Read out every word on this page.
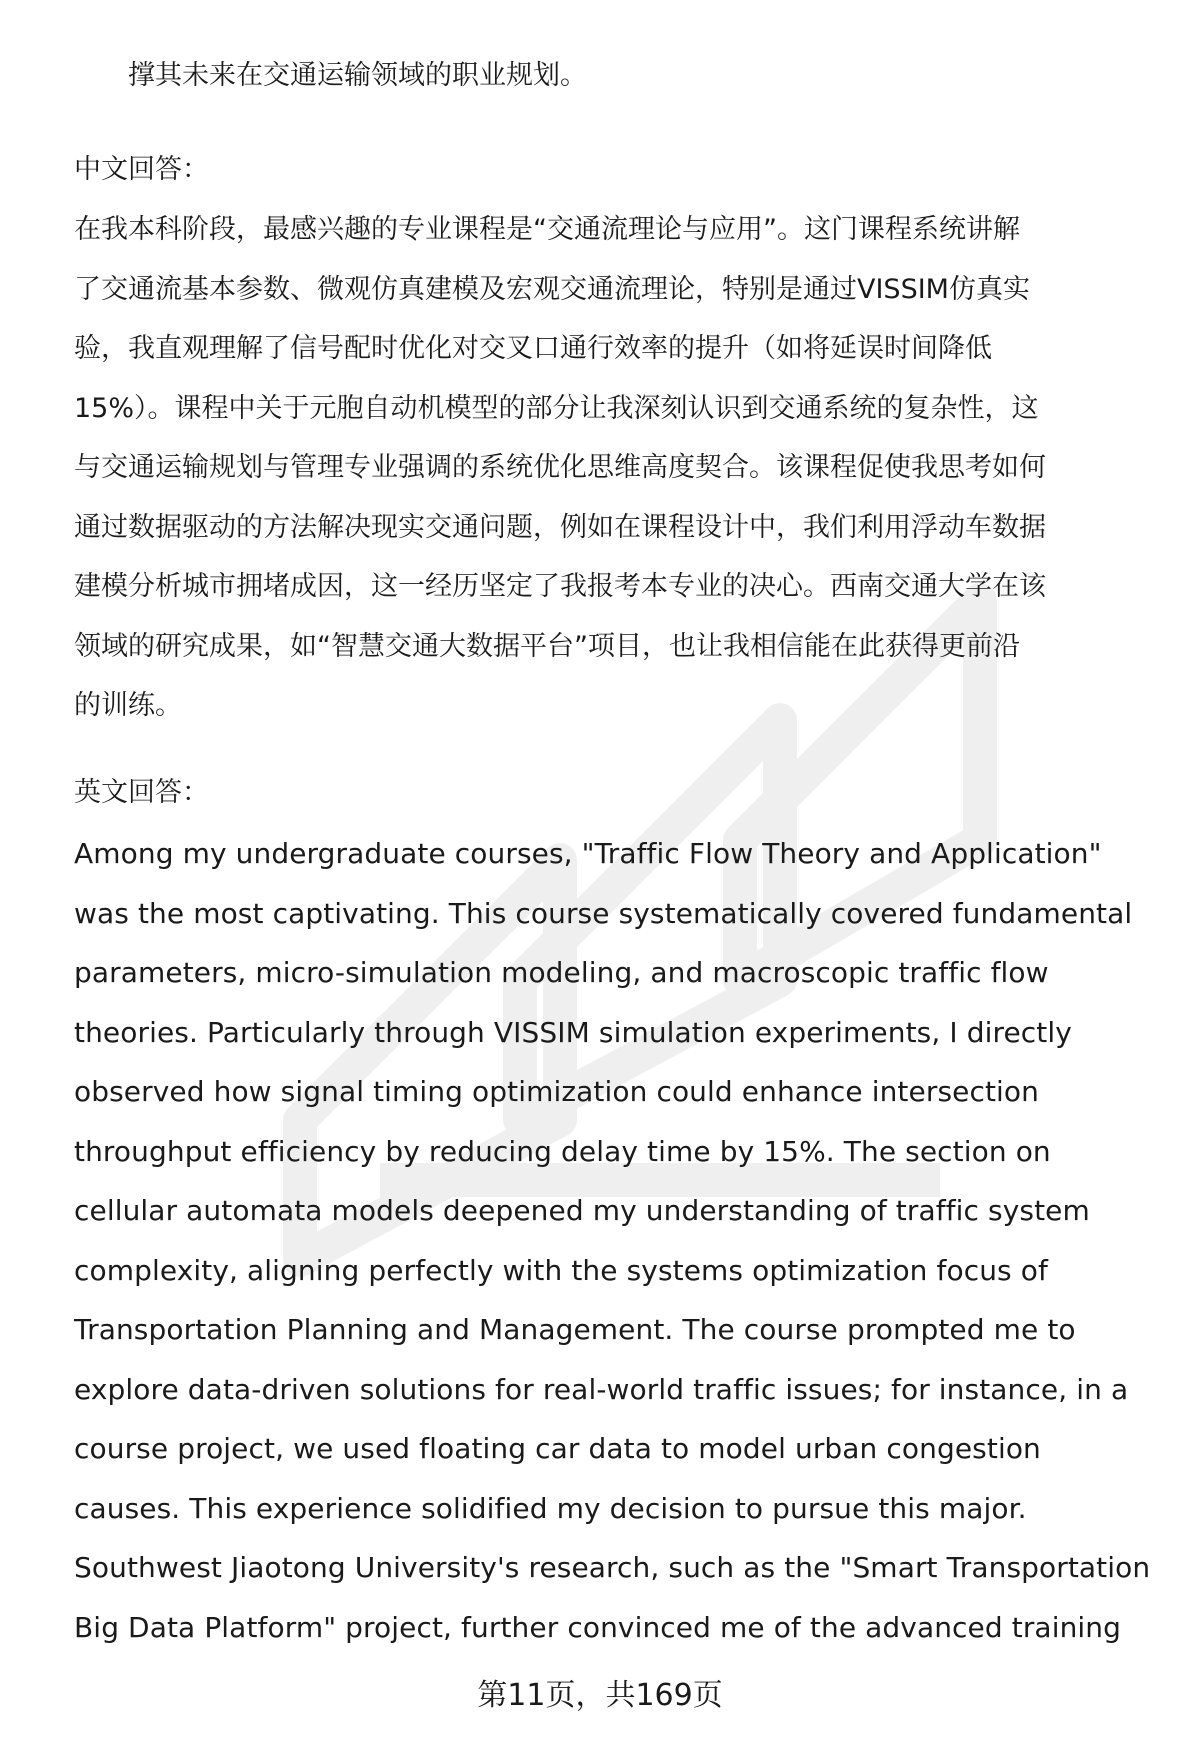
撑其未来在交通运输领域的职业规划。
中文回答：
在我本科阶段，最感兴趣的专业课程是“交通流理论与应用”。这门课程系统讲解
了交通流基本参数、微观仿真建模及宏观交通流理论，特别是通过VISSIM仿真实
验，我直观理解了信号配时优化对交叉口通行效率的提升（如将延误时间降低
15%）。课程中关于元胞自动机模型的部分让我深刻认识到交通系统的复杂性，这
与交通运输规划与管理专业强调的系统优化思维高度契合。该课程促使我思考如何
通过数据驱动的方法解决现实交通问题，例如在课程设计中，我们利用浮动车数据
建模分析城市拥堵成因，这一经历坚定了我报考本专业的决心。西南交通大学在该
领域的研究成果，如“智慧交通大数据平台”项目，也让我相信能在此获得更前沿
的训练。
英文回答：
Among my undergraduate courses, "Traffic Flow Theory and Application"
was the most captivating. This course systematically covered fundamental
parameters, micro-simulation modeling, and macroscopic traffic flow
theories. Particularly through VISSIM simulation experiments, I directly
observed how signal timing optimization could enhance intersection
throughput efficiency by reducing delay time by 15%. The section on
cellular automata models deepened my understanding of traffic system
complexity, aligning perfectly with the systems optimization focus of
Transportation Planning and Management. The course prompted me to
explore data-driven solutions for real-world traffic issues; for instance, in a
course project, we used floating car data to model urban congestion
causes. This experience solidified my decision to pursue this major.
Southwest Jiaotong University's research, such as the "Smart Transportation
Big Data Platform" project, further convinced me of the advanced training
第11页，共169页
